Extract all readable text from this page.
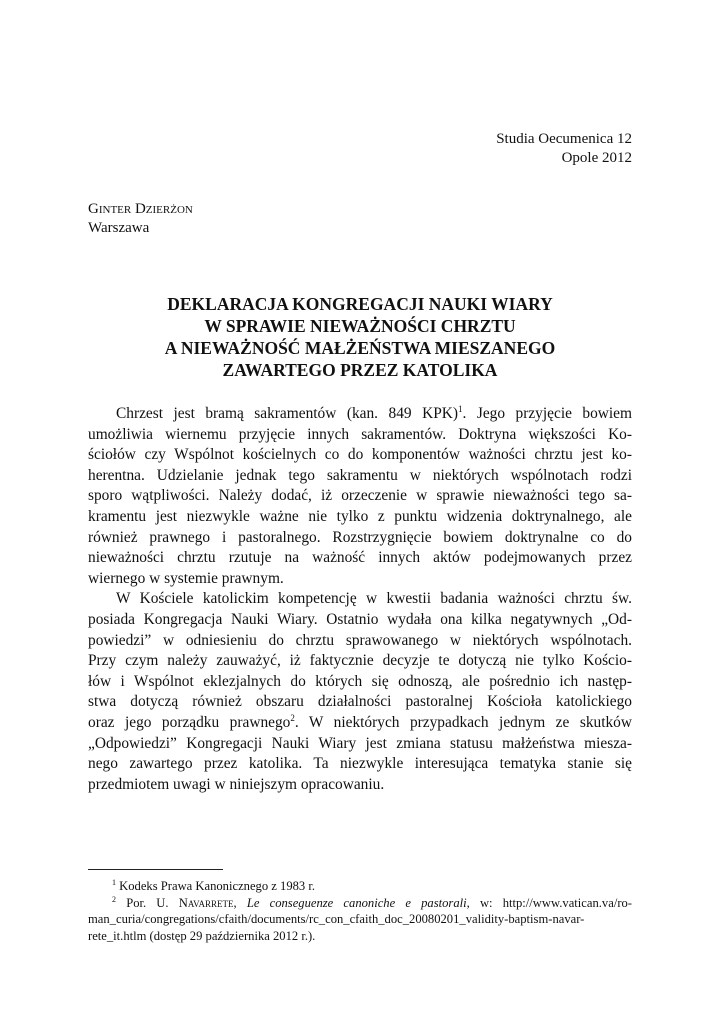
Studia Oecumenica 12
Opole 2012
Ginter Dzierżon
Warszawa
DEKLARACJA KONGREGACJI NAUKI WIARY
W SPRAWIE NIEWAŻNOŚCI CHRZTU
A NIEWAŻNOŚĆ MAŁŻEŃSTWA MIESZANEGO
ZAWARTEGO PRZEZ KATOLIKA
Chrzest jest bramą sakramentów (kan. 849 KPK)$^1$. Jego przyjęcie bowiem
umożliwia wiernemu przyjęcie innych sakramentów. Doktryna większości Ko-
ściołów czy Wspólnot kościelnych co do komponentów ważności chrztu jest ko-
herentna. Udzielanie jednak tego sakramentu w niektórych wspólnotach rodzi
sporo wątpliwości. Należy dodać, iż orzeczenie w sprawie nieważności tego sa-
kramentu jest niezwykle ważne nie tylko z punktu widzenia doktrynalnego, ale
również prawnego i pastoralnego. Rozstrzygnięcie bowiem doktrynalne co do
nieważności chrztu rzutuje na ważność innych aktów podejmowanych przez
wiernego w systemie prawnym.
W Kościele katolickim kompetencję w kwestii badania ważności chrztu św.
posiada Kongregacja Nauki Wiary. Ostatnio wydała ona kilka negatywnych „Od-
powiedzi” w odniesieniu do chrztu sprawowanego w niektórych wspólnotach.
Przy czym należy zauważyć, iż faktycznie decyzje te dotyczą nie tylko Kościo-
łów i Wspólnot eklezjalnych do których się odnoszą, ale pośrednio ich następ-
stwa dotyczą również obszaru działalności pastoralnej Kościoła katolickiego
oraz jego porządku prawnego$^2$. W niektórych przypadkach jednym ze skutków
„Odpowiedzi” Kongregacji Nauki Wiary jest zmiana statusu małżeństwa miesza-
nego zawartego przez katolika. Ta niezwykle interesująca tematyka stanie się
przedmiotem uwagi w niniejszym opracowaniu.
$^1$ Kodeks Prawa Kanonicznego z 1983 r.
$^2$ Por. U. Navarrete, Le conseguenze canoniche e pastorali, w: http://www.vatican.va/ro-
man_curia/congregations/cfaith/documents/rc_con_cfaith_doc_20080201_validity-baptism-navar-
rete_it.htlm (dostęp 29 października 2012 r.).
